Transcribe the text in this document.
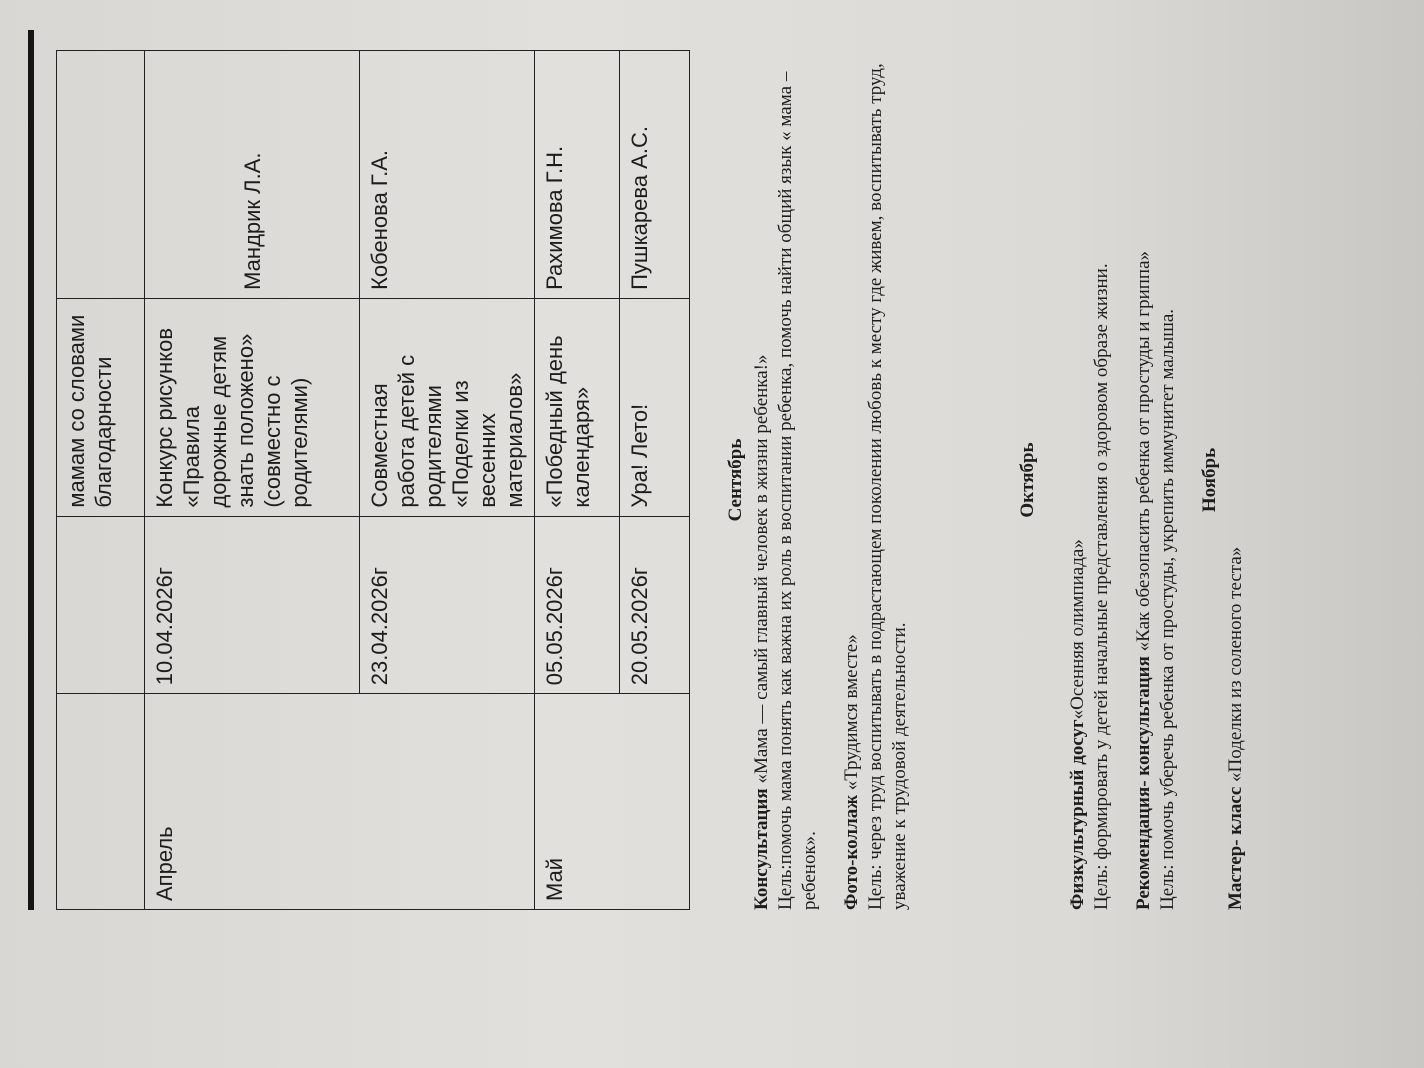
		мамам со словами благодарности	
Апрель	10.04.2026г	Конкурс рисунков «Правила дорожные детям знать положено» (совместно с родителями)	Мандрик Л.А.
	23.04.2026г	Совместная работа детей с родителями «Поделки из весенних материалов»	Кобенова Г.А.
Май	05.05.2026г	«Победный день календаря»	Рахимова Г.Н.
	20.05.2026г	Ура! Лето!	Пушкарева А.С.
Сентябрь
Консультация «Мама — самый главный человек в жизни ребенка!» Цель:помочь мама понять как важна их роль в воспитании ребенка, помочь найти общий язык « мама – ребенок». Фото-коллаж «Трудимся вместе» Цель: через труд воспитывать в подрастающем поколении любовь к месту где живем, воспитывать труд, уважение к трудовой деятельности.
Октябрь
Физкультурный досуг«Осенняя олимпиада» Цель: формировать у детей начальные представления о здоровом образе жизни. Рекомендация- консультация «Как обезопасить ребенка от простуды и гриппа» Цель: помочь уберечь ребенка от простуды, укрепить иммунитет малыша. Ноябрь
Мастер- класс «Поделки из соленого теста»
